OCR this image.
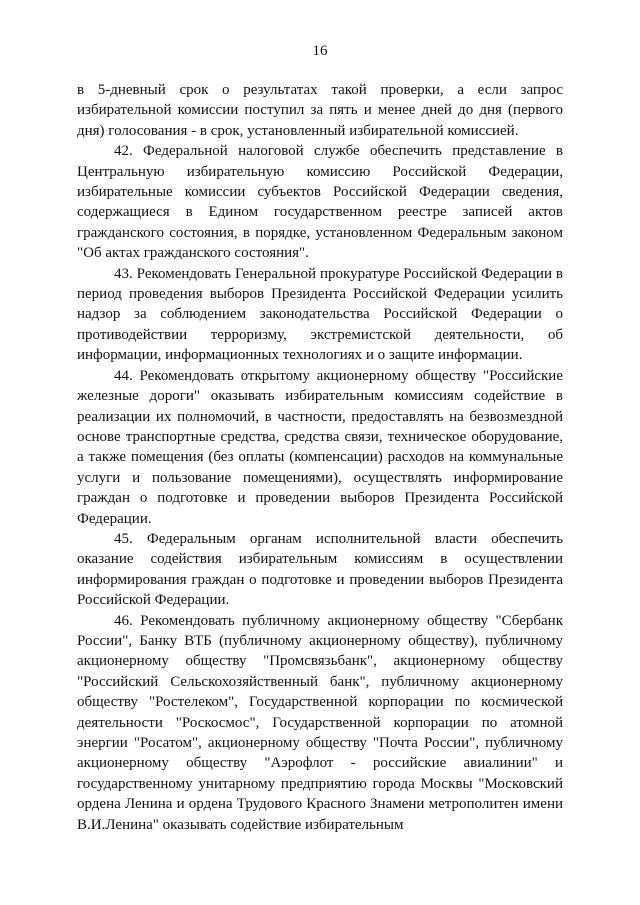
16

в 5-дневный срок о результатах такой проверки, а если запрос избирательной комиссии поступил за пять и менее дней до дня (первого дня) голосования - в срок, установленный избирательной комиссией.

42. Федеральной налоговой службе обеспечить представление в Центральную избирательную комиссию Российской Федерации, избирательные комиссии субъектов Российской Федерации сведения, содержащиеся в Едином государственном реестре записей актов гражданского состояния, в порядке, установленном Федеральным законом "Об актах гражданского состояния".

43. Рекомендовать Генеральной прокуратуре Российской Федерации в период проведения выборов Президента Российской Федерации усилить надзор за соблюдением законодательства Российской Федерации о противодействии терроризму, экстремистской деятельности, об информации, информационных технологиях и о защите информации.

44. Рекомендовать открытому акционерному обществу "Российские железные дороги" оказывать избирательным комиссиям содействие в реализации их полномочий, в частности, предоставлять на безвозмездной основе транспортные средства, средства связи, техническое оборудование, а также помещения (без оплаты (компенсации) расходов на коммунальные услуги и пользование помещениями), осуществлять информирование граждан о подготовке и проведении выборов Президента Российской Федерации.

45. Федеральным органам исполнительной власти обеспечить оказание содействия избирательным комиссиям в осуществлении информирования граждан о подготовке и проведении выборов Президента Российской Федерации.

46. Рекомендовать публичному акционерному обществу "Сбербанк России", Банку ВТБ (публичному акционерному обществу), публичному акционерному обществу "Промсвязьбанк", акционерному обществу "Российский Сельскохозяйственный банк", публичному акционерному обществу "Ростелеком", Государственной корпорации по космической деятельности "Роскосмос", Государственной корпорации по атомной энергии "Росатом", акционерному обществу "Почта России", публичному акционерному обществу "Аэрофлот - российские авиалинии" и государственному унитарному предприятию города Москвы "Московский ордена Ленина и ордена Трудового Красного Знамени метрополитен имени В.И.Ленина" оказывать содействие избирательным
